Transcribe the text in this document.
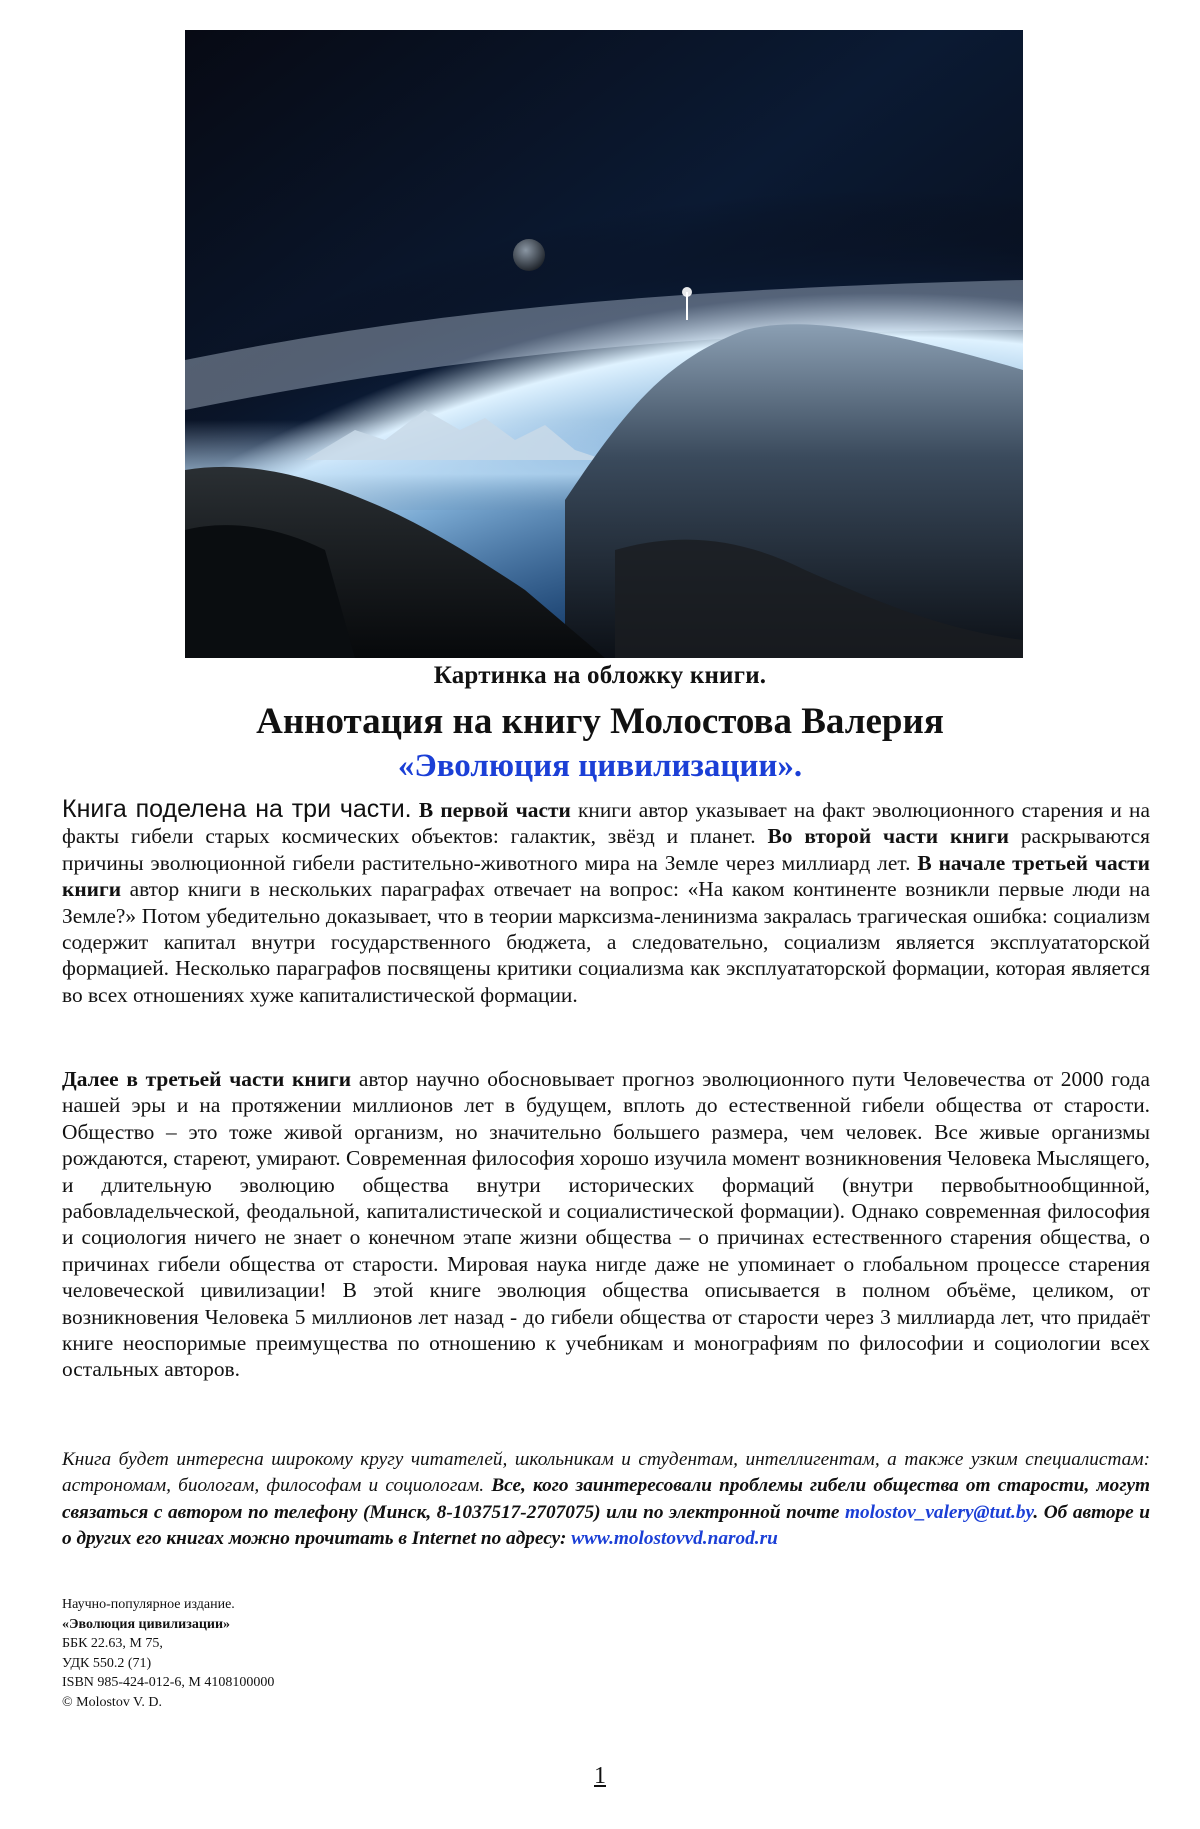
Картинка на обложку книги.
Аннотация на книгу Молостова Валерия
«Эволюция цивилизации».
Книга поделена на три части. В первой части книги автор указывает на факт эволюционного старения и на факты гибели старых космических объектов: галактик, звёзд и планет. Во второй части книги раскрываются причины эволюционной гибели растительно-животного мира на Земле через миллиард лет. В начале третьей части книги автор книги в нескольких параграфах отвечает на вопрос: «На каком континенте возникли первые люди на Земле?» Потом убедительно доказывает, что в теории марксизма-ленинизма закралась трагическая ошибка: социализм содержит капитал внутри государственного бюджета, а следовательно, социализм является эксплуататорской формацией. Несколько параграфов посвящены критики социализма как эксплуататорской формации, которая является во всех отношениях хуже капиталистической формации.
Далее в третьей части книги автор научно обосновывает прогноз эволюционного пути Человечества от 2000 года нашей эры и на протяжении миллионов лет в будущем, вплоть до естественной гибели общества от старости. Общество – это тоже живой организм, но значительно большего размера, чем человек. Все живые организмы рождаются, стареют, умирают. Современная философия хорошо изучила момент возникновения Человека Мыслящего, и длительную эволюцию общества внутри исторических формаций (внутри первобытнообщинной, рабовладельческой, феодальной, капиталистической и социалистической формации). Однако современная философия и социология ничего не знает о конечном этапе жизни общества – о причинах естественного старения общества, о причинах гибели общества от старости. Мировая наука нигде даже не упоминает о глобальном процессе старения человеческой цивилизации! В этой книге эволюция общества описывается в полном объёме, целиком, от возникновения Человека 5 миллионов лет назад - до гибели общества от старости через 3 миллиарда лет, что придаёт книге неоспоримые преимущества по отношению к учебникам и монографиям по философии и социологии всех остальных авторов.
Книга будет интересна широкому кругу читателей, школьникам и студентам, интеллигентам, а также узким специалистам: астрономам, биологам, философам и социологам. Все, кого заинтересовали проблемы гибели общества от старости, могут связаться с автором по телефону (Минск, 8-1037517-2707075) или по электронной почте molostov_valery@tut.by. Об авторе и о других его книгах можно прочитать в Internet по адресу: www.molostovvd.narod.ru
Научно-популярное издание.
«Эволюция цивилизации»
ББК 22.63, М 75,
УДК 550.2 (71)
ISBN 985-424-012-6, М 4108100000
© Molostov V. D.
1
